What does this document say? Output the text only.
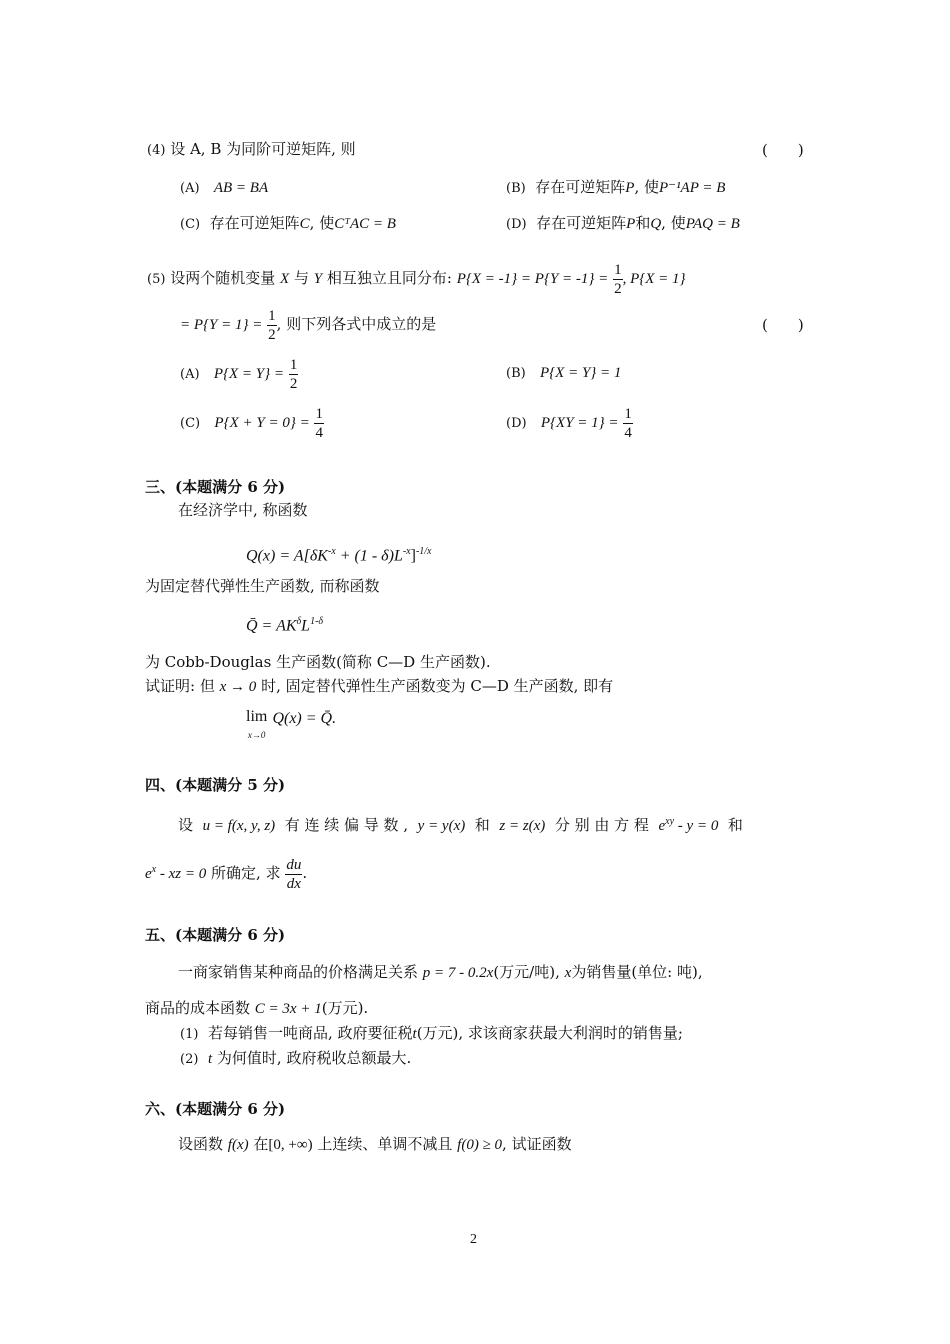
(4) 设 A, B 为同阶可逆矩阵, 则	(　　)
(A) AB = BA	(B) 存在可逆矩阵P, 使P⁻¹AP = B
(C) 存在可逆矩阵C, 使CᵀAC = B	(D) 存在可逆矩阵P和Q, 使PAQ = B
(5) 设两个随机变量 X 与 Y 相互独立且同分布: $P\{X = -1\} = P\{Y = -1\} = \frac{1}{2}$ , P{X = 1}
= $P\{Y = 1\} = \frac{1}{2}$ , 则下列各式中成立的是	(　　)
(A) $P\{X = Y\} = \frac{1}{2}$	(B) P{X = Y} = 1
(C) $P\{X + Y = 0\} = \frac{1}{4}$	(D) $P\{XY = 1\} = \frac{1}{4}$
三、(本题满分 6 分)
在经济学中, 称函数
$Q(x) = A[\delta K^{-x} + (1 - \delta)L^{-x}]^{-1/x}$
为固定替代弹性生产函数, 而称函数
Q̄ = $AK^\delta L^{1-\delta}$
为 Cobb-Douglas 生产函数(简称 C—D 生产函数).
试证明: 但 x → 0 时, 固定替代弹性生产函数变为 C—D 生产函数, 即有
lim
x→0 Q(x) = Q̄.
四、(本题满分 5 分)
设 u = f(x, y, z) 有 连 续 偏 导 数 , y = y(x) 和 z = z(x) 分 别 由 方 程 $e^{xy} - y = 0$ 和
$e^x$ - xz = 0 所确定, 求 $\frac{du}{dx}$ .
五、(本题满分 6 分)
一商家销售某种商品的价格满足关系 p = 7 - 0.2x(万元/吨), x为销售量(单位: 吨),
商品的成本函数 C = 3x + 1(万元).
(1) 若每销售一吨商品, 政府要征税t(万元), 求该商家获最大利润时的销售量;
(2) t 为何值时, 政府税收总额最大.
六、(本题满分 6 分)
设函数 f(x) 在[0, +∞) 上连续、单调不减且 f(0) ≥ 0, 试证函数
2
